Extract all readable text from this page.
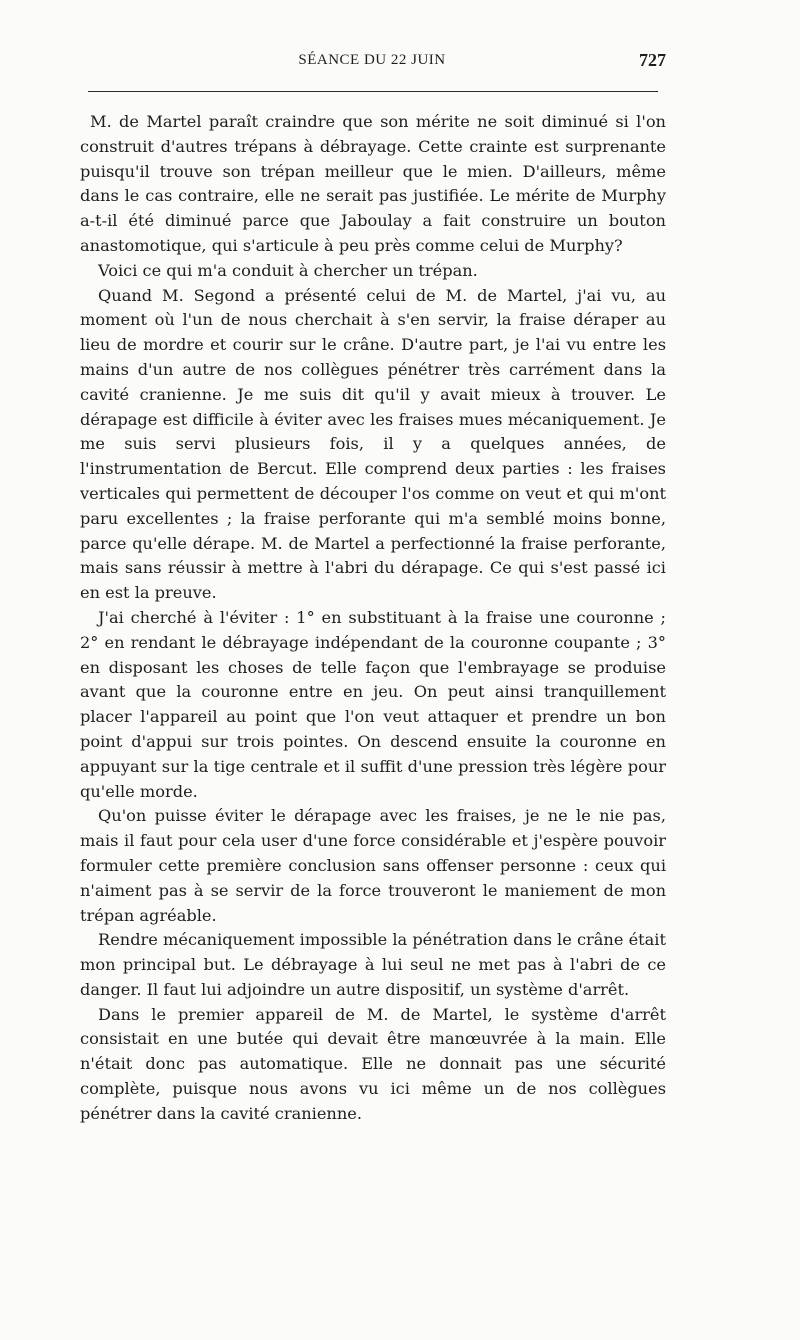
SÉANCE DU 22 JUIN	727

M. de Martel paraît craindre que son mérite ne soit diminué si l'on construit d'autres trépans à débrayage. Cette crainte est surprenante puisqu'il trouve son trépan meilleur que le mien. D'ailleurs, même dans le cas contraire, elle ne serait pas justifiée. Le mérite de Murphy a-t-il été diminué parce que Jaboulay a fait construire un bouton anastomotique, qui s'articule à peu près comme celui de Murphy?

Voici ce qui m'a conduit à chercher un trépan.

Quand M. Segond a présenté celui de M. de Martel, j'ai vu, au moment où l'un de nous cherchait à s'en servir, la fraise déraper au lieu de mordre et courir sur le crâne. D'autre part, je l'ai vu entre les mains d'un autre de nos collègues pénétrer très carrément dans la cavité cranienne. Je me suis dit qu'il y avait mieux à trouver. Le dérapage est difficile à éviter avec les fraises mues mécaniquement. Je me suis servi plusieurs fois, il y a quelques années, de l'instrumentation de Bercut. Elle comprend deux parties : les fraises verticales qui permettent de découper l'os comme on veut et qui m'ont paru excellentes ; la fraise perforante qui m'a semblé moins bonne, parce qu'elle dérape. M. de Martel a perfectionné la fraise perforante, mais sans réussir à mettre à l'abri du dérapage. Ce qui s'est passé ici en est la preuve.

J'ai cherché à l'éviter : 1° en substituant à la fraise une couronne ; 2° en rendant le débrayage indépendant de la couronne coupante ; 3° en disposant les choses de telle façon que l'embrayage se produise avant que la couronne entre en jeu. On peut ainsi tranquillement placer l'appareil au point que l'on veut attaquer et prendre un bon point d'appui sur trois pointes. On descend ensuite la couronne en appuyant sur la tige centrale et il suffit d'une pression très légère pour qu'elle morde.

Qu'on puisse éviter le dérapage avec les fraises, je ne le nie pas, mais il faut pour cela user d'une force considérable et j'espère pouvoir formuler cette première conclusion sans offenser personne : ceux qui n'aiment pas à se servir de la force trouveront le maniement de mon trépan agréable.

Rendre mécaniquement impossible la pénétration dans le crâne était mon principal but. Le débrayage à lui seul ne met pas à l'abri de ce danger. Il faut lui adjoindre un autre dispositif, un système d'arrêt.

Dans le premier appareil de M. de Martel, le système d'arrêt consistait en une butée qui devait être manœuvrée à la main. Elle n'était donc pas automatique. Elle ne donnait pas une sécurité complète, puisque nous avons vu ici même un de nos collègues pénétrer dans la cavité cranienne.
